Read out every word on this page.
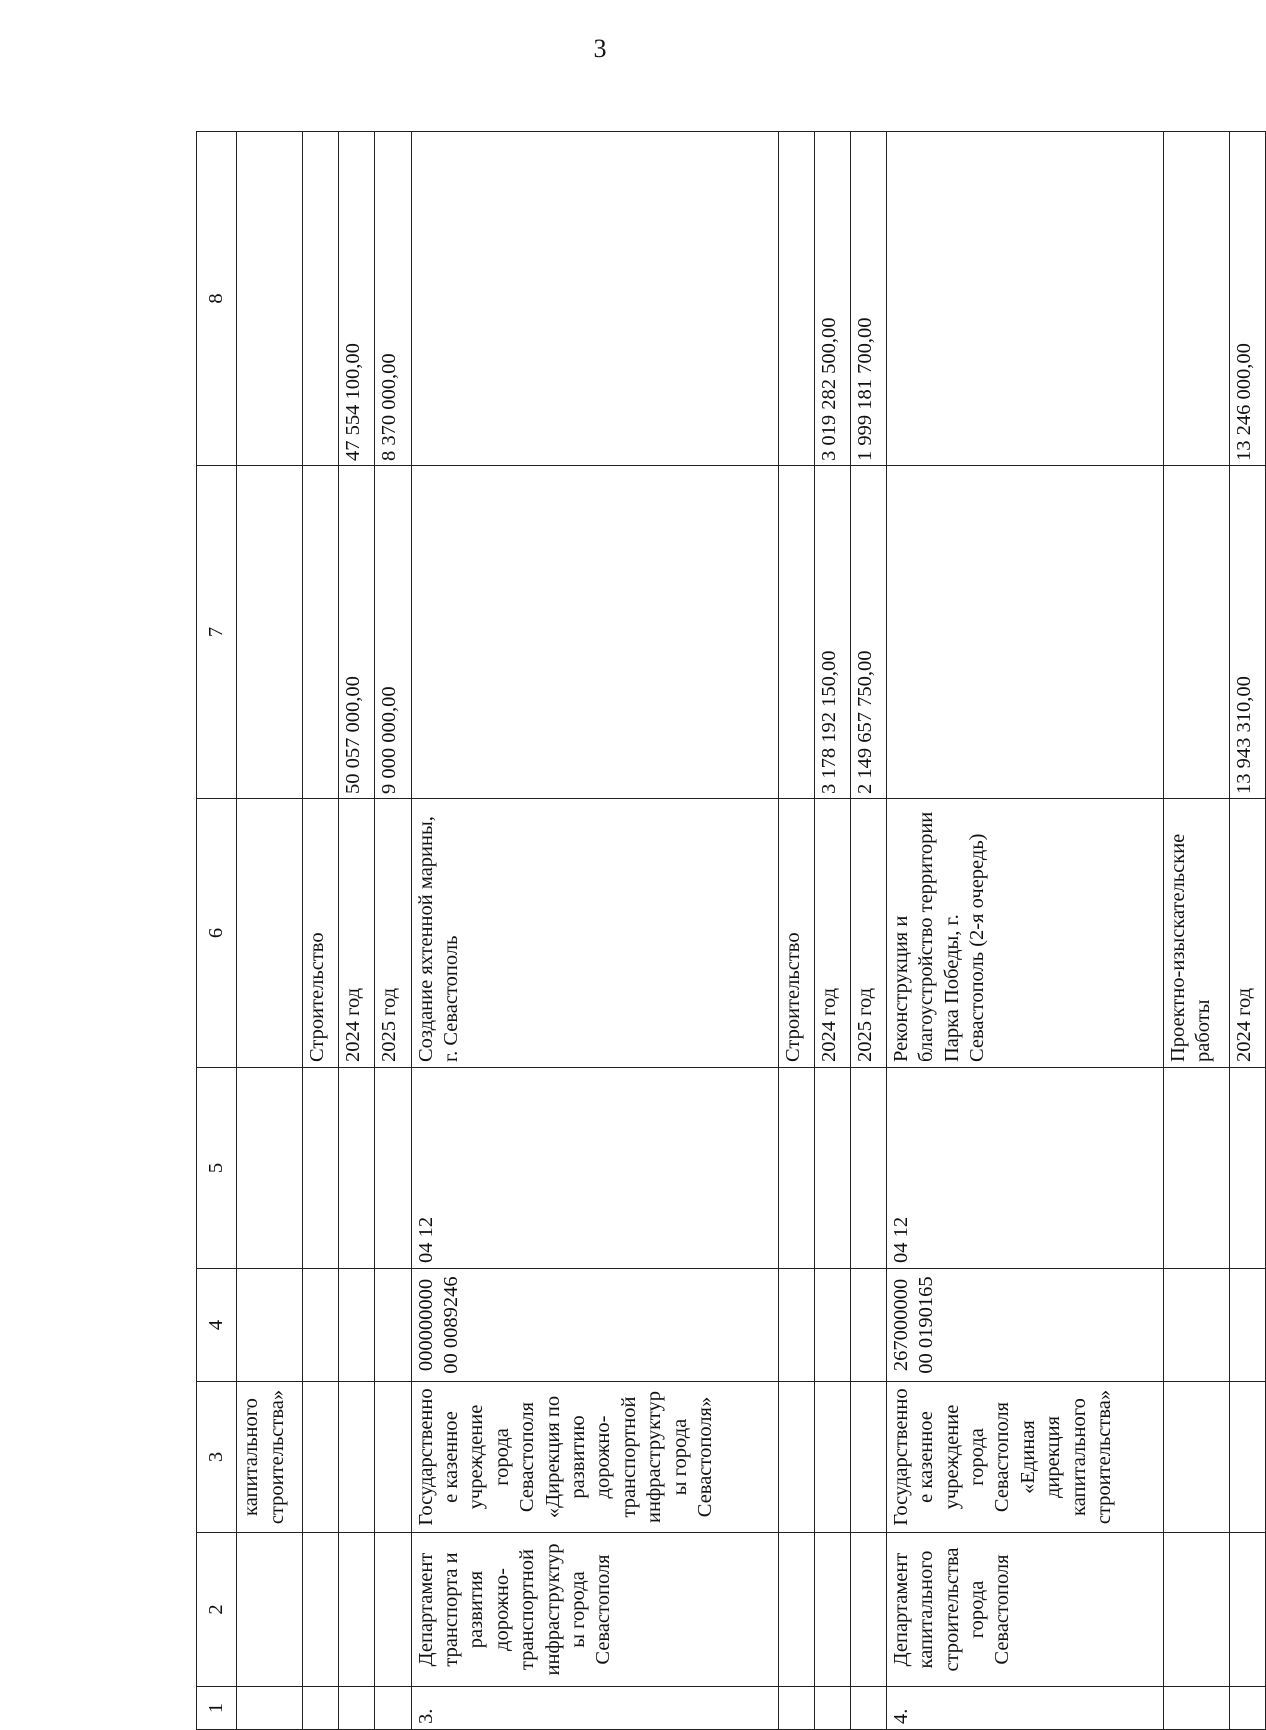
3
1	2	3	4	5	6	7	8
		капитального строительства»					
					Строительство		
					2024 год	50 057 000,00	47 554 100,00
					2025 год	9 000 000,00	8 370 000,00
3.	Департамент транспорта и развития дорожно-транспортной инфраструктуры города Севастополя	Государственное казенное учреждение города Севастополя «Дирекция по развитию дорожно-транспортной инфраструктуры города Севастополя»	00000000000 0089246	04 12	Создание яхтенной марины, г. Севастополь		
					Строительство		
					2024 год	3 178 192 150,00	3 019 282 500,00
					2025 год	2 149 657 750,00	1 999 181 700,00
4.	Департамент капитального строительства города Севастополя	Государственное казенное учреждение города Севастополя «Единая дирекция капитального строительства»	26700000000 0190165	04 12	Реконструкция и благоустройство территории Парка Победы, г. Севастополь (2-я очередь)		
					Проектно-изыскательские работы		
					2024 год	13 943 310,00	13 246 000,00
